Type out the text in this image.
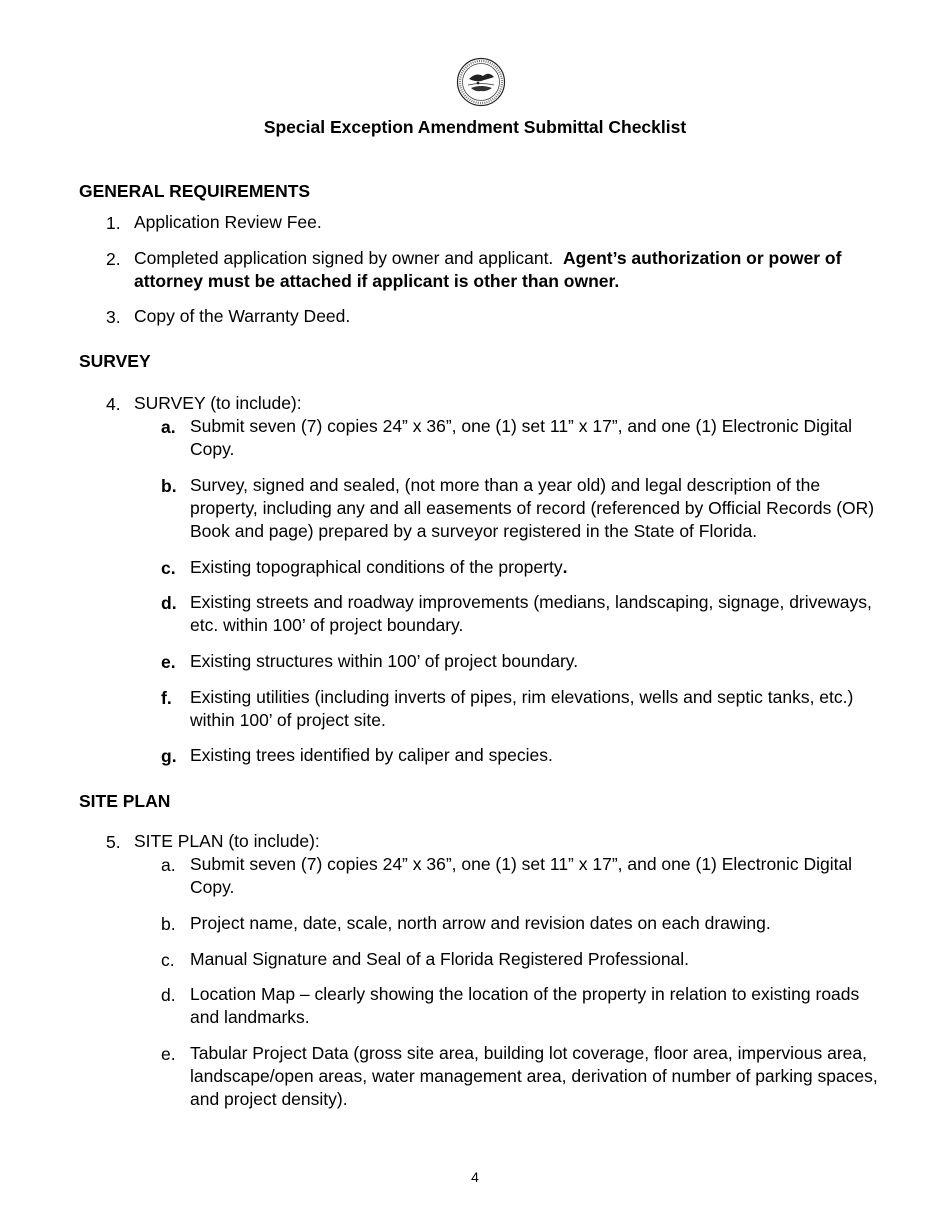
Special Exception Amendment Submittal Checklist
GENERAL REQUIREMENTS
1. Application Review Fee.
2. Completed application signed by owner and applicant. Agent’s authorization or power of attorney must be attached if applicant is other than owner.
3. Copy of the Warranty Deed.
SURVEY
4. SURVEY (to include):
a. Submit seven (7) copies 24” x 36”, one (1) set 11” x 17”, and one (1) Electronic Digital Copy.
b. Survey, signed and sealed, (not more than a year old) and legal description of the property, including any and all easements of record (referenced by Official Records (OR) Book and page) prepared by a surveyor registered in the State of Florida.
c. Existing topographical conditions of the property.
d. Existing streets and roadway improvements (medians, landscaping, signage, driveways, etc. within 100’ of project boundary.
e. Existing structures within 100’ of project boundary.
f. Existing utilities (including inverts of pipes, rim elevations, wells and septic tanks, etc.) within 100’ of project site.
g. Existing trees identified by caliper and species.
SITE PLAN
5. SITE PLAN (to include):
a. Submit seven (7) copies 24” x 36”, one (1) set 11” x 17”, and one (1) Electronic Digital Copy.
b. Project name, date, scale, north arrow and revision dates on each drawing.
c. Manual Signature and Seal of a Florida Registered Professional.
d. Location Map – clearly showing the location of the property in relation to existing roads and landmarks.
e. Tabular Project Data (gross site area, building lot coverage, floor area, impervious area, landscape/open areas, water management area, derivation of number of parking spaces, and project density).
4
